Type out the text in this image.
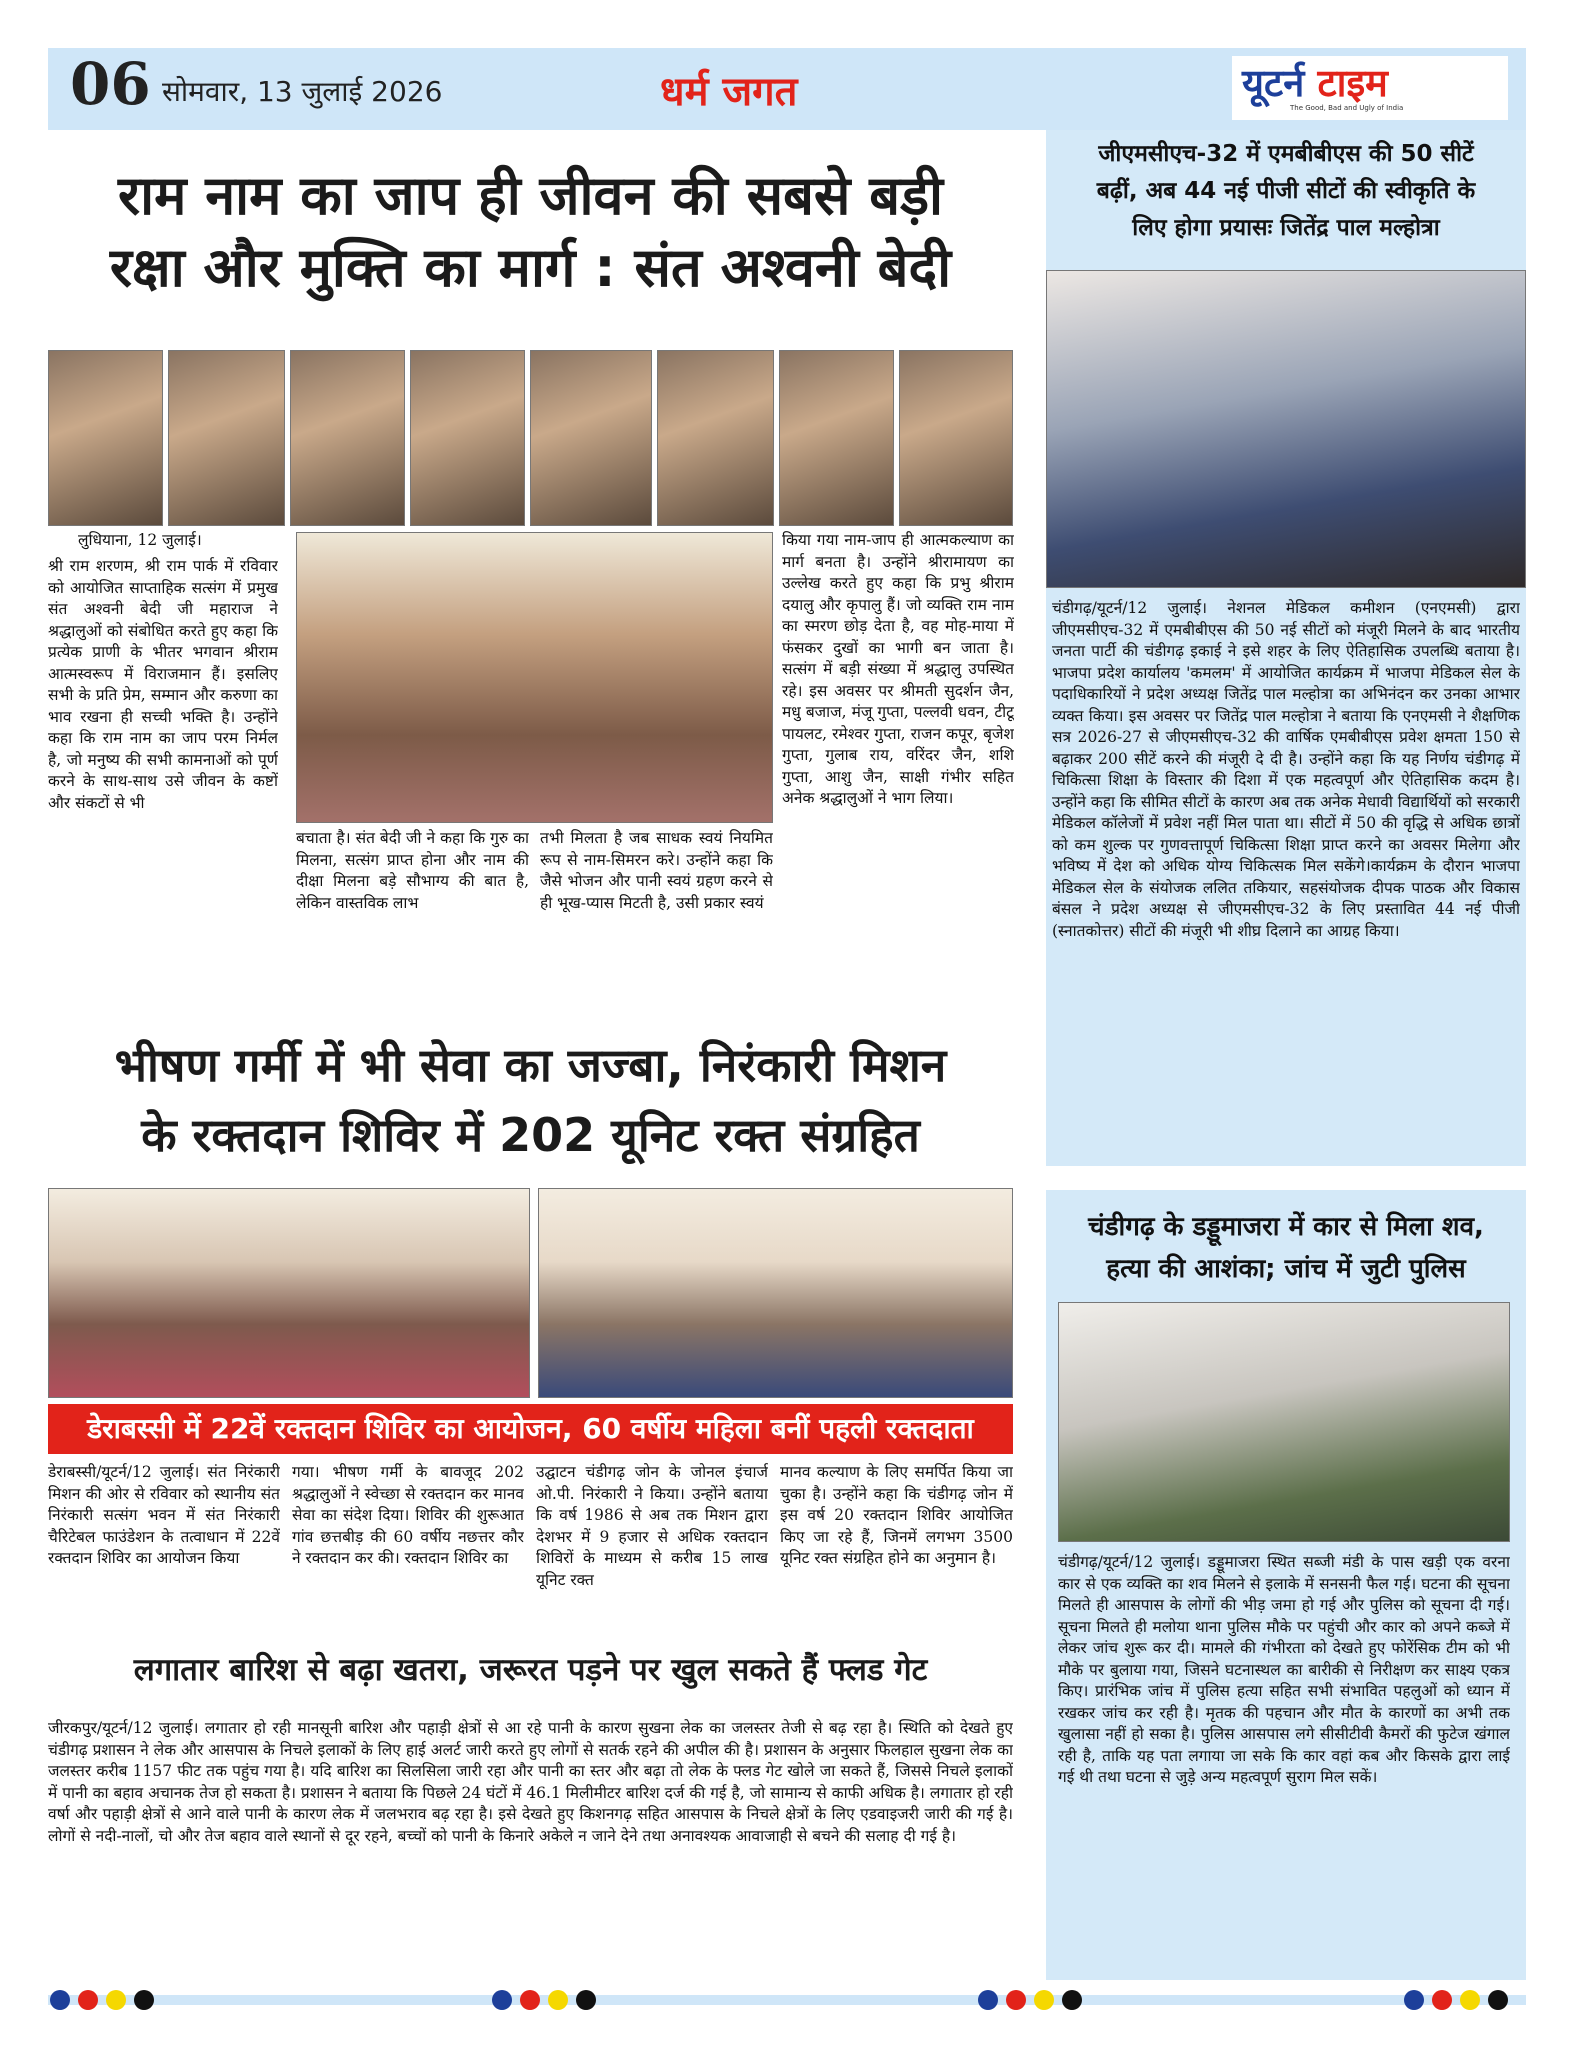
06 सोमवार, 13 जुलाई 2026	धर्म जगत	यूटर्न टाइम
The Good, Bad and Ugly of India
राम नाम का जाप ही जीवन की सबसे बड़ी
रक्षा और मुक्ति का मार्ग : संत अश्वनी बेदी
लुधियाना, 12 जुलाई।
श्री राम शरणम, श्री राम पार्क में रविवार को आयोजित साप्ताहिक सत्संग में प्रमुख संत अश्वनी बेदी जी महाराज ने श्रद्धालुओं को संबोधित करते हुए कहा कि प्रत्येक प्राणी के भीतर भगवान श्रीराम आत्मस्वरूप में विराजमान हैं। इसलिए सभी के प्रति प्रेम, सम्मान और करुणा का भाव रखना ही सच्ची भक्ति है। उन्होंने कहा कि राम नाम का जाप परम निर्मल है, जो मनुष्य की सभी कामनाओं को पूर्ण करने के साथ-साथ उसे जीवन के कष्टों और संकटों से भी
बचाता है। संत बेदी जी ने कहा कि गुरु का मिलना, सत्संग प्राप्त होना और नाम की दीक्षा मिलना बड़े सौभाग्य की बात है, लेकिन वास्तविक लाभ
तभी मिलता है जब साधक स्वयं नियमित रूप से नाम-सिमरन करे। उन्होंने कहा कि जैसे भोजन और पानी स्वयं ग्रहण करने से ही भूख-प्यास मिटती है, उसी प्रकार स्वयं
किया गया नाम-जाप ही आत्मकल्याण का मार्ग बनता है। उन्होंने श्रीरामायण का उल्लेख करते हुए कहा कि प्रभु श्रीराम दयालु और कृपालु हैं। जो व्यक्ति राम नाम का स्मरण छोड़ देता है, वह मोह-माया में फंसकर दुखों का भागी बन जाता है। सत्संग में बड़ी संख्या में श्रद्धालु उपस्थित रहे। इस अवसर पर श्रीमती सुदर्शन जैन, मधु बजाज, मंजू गुप्ता, पल्लवी धवन, टीटू पायलट, रमेश्वर गुप्ता, राजन कपूर, बृजेश गुप्ता, गुलाब राय, वरिंदर जैन, शशि गुप्ता, आशु जैन, साक्षी गंभीर सहित अनेक श्रद्धालुओं ने भाग लिया।
भीषण गर्मी में भी सेवा का जज्बा, निरंकारी मिशन
के रक्तदान शिविर में 202 यूनिट रक्त संग्रहित
डेराबस्सी में 22वें रक्तदान शिविर का आयोजन, 60 वर्षीय महिला बनीं पहली रक्तदाता
डेराबस्सी/यूटर्न/12 जुलाई। संत निरंकारी मिशन की ओर से रविवार को स्थानीय संत निरंकारी सत्संग भवन में संत निरंकारी चैरिटेबल फाउंडेशन के तत्वाधान में 22वें रक्तदान शिविर का आयोजन किया
गया। भीषण गर्मी के बावजूद 202 श्रद्धालुओं ने स्वेच्छा से रक्तदान कर मानव सेवा का संदेश दिया। शिविर की शुरूआत गांव छत्तबीड़ की 60 वर्षीय नछत्तर कौर ने रक्तदान कर की। रक्तदान शिविर का
उद्घाटन चंडीगढ़ जोन के जोनल इंचार्ज ओ.पी. निरंकारी ने किया। उन्होंने बताया कि वर्ष 1986 से अब तक मिशन द्वारा देशभर में 9 हजार से अधिक रक्तदान शिविरों के माध्यम से करीब 15 लाख यूनिट रक्त
मानव कल्याण के लिए समर्पित किया जा चुका है। उन्होंने कहा कि चंडीगढ़ जोन में इस वर्ष 20 रक्तदान शिविर आयोजित किए जा रहे हैं, जिनमें लगभग 3500 यूनिट रक्त संग्रहित होने का अनुमान है।
लगातार बारिश से बढ़ा खतरा, जरूरत पड़ने पर खुल सकते हैं फ्लड गेट
जीरकपुर/यूटर्न/12 जुलाई। लगातार हो रही मानसूनी बारिश और पहाड़ी क्षेत्रों से आ रहे पानी के कारण सुखना लेक का जलस्तर तेजी से बढ़ रहा है। स्थिति को देखते हुए चंडीगढ़ प्रशासन ने लेक और आसपास के निचले इलाकों के लिए हाई अलर्ट जारी करते हुए लोगों से सतर्क रहने की अपील की है। प्रशासन के अनुसार फिलहाल सुखना लेक का जलस्तर करीब 1157 फीट तक पहुंच गया है। यदि बारिश का सिलसिला जारी रहा और पानी का स्तर और बढ़ा तो लेक के फ्लड गेट खोले जा सकते हैं, जिससे निचले इलाकों में पानी का बहाव अचानक तेज हो सकता है। प्रशासन ने बताया कि पिछले 24 घंटों में 46.1 मिलीमीटर बारिश दर्ज की गई है, जो सामान्य से काफी अधिक है। लगातार हो रही वर्षा और पहाड़ी क्षेत्रों से आने वाले पानी के कारण लेक में जलभराव बढ़ रहा है। इसे देखते हुए किशनगढ़ सहित आसपास के निचले क्षेत्रों के लिए एडवाइजरी जारी की गई है। लोगों से नदी-नालों, चो और तेज बहाव वाले स्थानों से दूर रहने, बच्चों को पानी के किनारे अकेले न जाने देने तथा अनावश्यक आवाजाही से बचने की सलाह दी गई है।
जीएमसीएच-32 में एमबीबीएस की 50 सीटें
बढ़ीं, अब 44 नई पीजी सीटों की स्वीकृति के
लिए होगा प्रयासः जितेंद्र पाल मल्होत्रा
चंडीगढ़/यूटर्न/12 जुलाई। नेशनल मेडिकल कमीशन (एनएमसी) द्वारा जीएमसीएच-32 में एमबीबीएस की 50 नई सीटों को मंजूरी मिलने के बाद भारतीय जनता पार्टी की चंडीगढ़ इकाई ने इसे शहर के लिए ऐतिहासिक उपलब्धि बताया है। भाजपा प्रदेश कार्यालय 'कमलम' में आयोजित कार्यक्रम में भाजपा मेडिकल सेल के पदाधिकारियों ने प्रदेश अध्यक्ष जितेंद्र पाल मल्होत्रा का अभिनंदन कर उनका आभार व्यक्त किया। इस अवसर पर जितेंद्र पाल मल्होत्रा ने बताया कि एनएमसी ने शैक्षणिक सत्र 2026-27 से जीएमसीएच-32 की वार्षिक एमबीबीएस प्रवेश क्षमता 150 से बढ़ाकर 200 सीटें करने की मंजूरी दे दी है। उन्होंने कहा कि यह निर्णय चंडीगढ़ में चिकित्सा शिक्षा के विस्तार की दिशा में एक महत्वपूर्ण और ऐतिहासिक कदम है। उन्होंने कहा कि सीमित सीटों के कारण अब तक अनेक मेधावी विद्यार्थियों को सरकारी मेडिकल कॉलेजों में प्रवेश नहीं मिल पाता था। सीटों में 50 की वृद्धि से अधिक छात्रों को कम शुल्क पर गुणवत्तापूर्ण चिकित्सा शिक्षा प्राप्त करने का अवसर मिलेगा और भविष्य में देश को अधिक योग्य चिकित्सक मिल सकेंगे।कार्यक्रम के दौरान भाजपा मेडिकल सेल के संयोजक ललित तकियार, सहसंयोजक दीपक पाठक और विकास बंसल ने प्रदेश अध्यक्ष से जीएमसीएच-32 के लिए प्रस्तावित 44 नई पीजी (स्नातकोत्तर) सीटों की मंजूरी भी शीघ्र दिलाने का आग्रह किया।
चंडीगढ़ के डड्डूमाजरा में कार से मिला शव,
हत्या की आशंका; जांच में जुटी पुलिस
चंडीगढ़/यूटर्न/12 जुलाई। डड्डूमाजरा स्थित सब्जी मंडी के पास खड़ी एक वरना कार से एक व्यक्ति का शव मिलने से इलाके में सनसनी फैल गई। घटना की सूचना मिलते ही आसपास के लोगों की भीड़ जमा हो गई और पुलिस को सूचना दी गई। सूचना मिलते ही मलोया थाना पुलिस मौके पर पहुंची और कार को अपने कब्जे में लेकर जांच शुरू कर दी। मामले की गंभीरता को देखते हुए फोरेंसिक टीम को भी मौके पर बुलाया गया, जिसने घटनास्थल का बारीकी से निरीक्षण कर साक्ष्य एकत्र किए। प्रारंभिक जांच में पुलिस हत्या सहित सभी संभावित पहलुओं को ध्यान में रखकर जांच कर रही है। मृतक की पहचान और मौत के कारणों का अभी तक खुलासा नहीं हो सका है। पुलिस आसपास लगे सीसीटीवी कैमरों की फुटेज खंगाल रही है, ताकि यह पता लगाया जा सके कि कार वहां कब और किसके द्वारा लाई गई थी तथा घटना से जुड़े अन्य महत्वपूर्ण सुराग मिल सकें।
